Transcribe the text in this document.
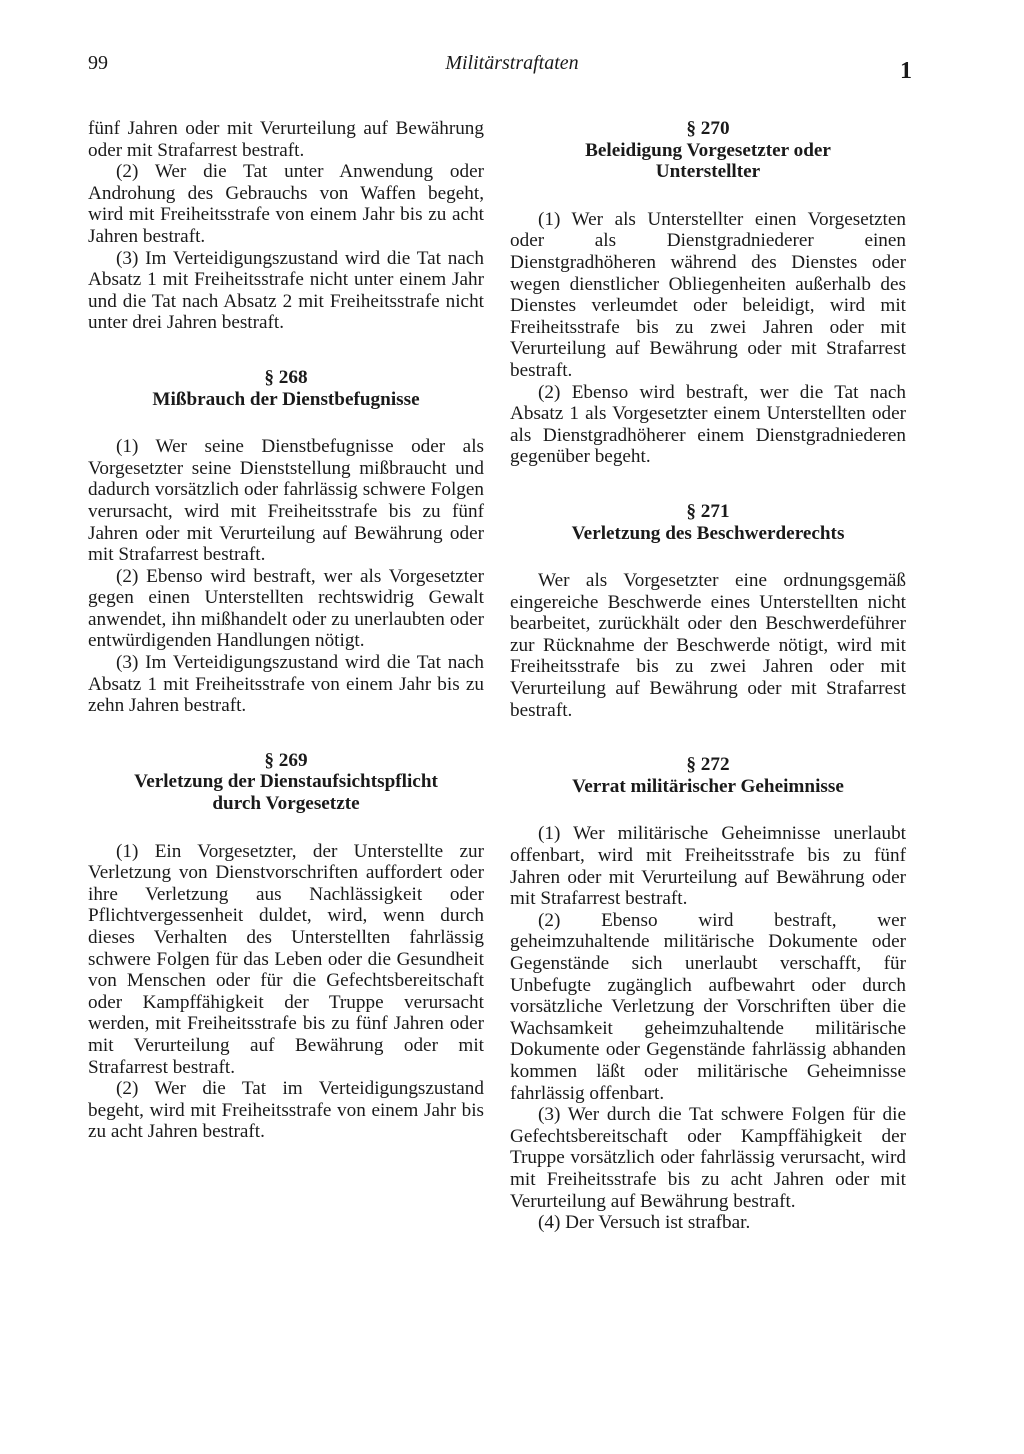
99	Militärstraftaten	1

fünf Jahren oder mit Verurteilung auf Bewährung oder mit Strafarrest bestraft.

(2) Wer die Tat unter Anwendung oder Androhung des Gebrauchs von Waffen begeht, wird mit Freiheitsstrafe von einem Jahr bis zu acht Jahren bestraft.

(3) Im Verteidigungszustand wird die Tat nach Absatz 1 mit Freiheitsstrafe nicht unter einem Jahr und die Tat nach Absatz 2 mit Freiheitsstrafe nicht unter drei Jahren bestraft.

§ 268
Mißbrauch der Dienstbefugnisse

(1) Wer seine Dienstbefugnisse oder als Vorgesetzter seine Dienststellung mißbraucht und dadurch vorsätzlich oder fahrlässig schwere Folgen verursacht, wird mit Freiheitsstrafe bis zu fünf Jahren oder mit Verurteilung auf Bewährung oder mit Strafarrest bestraft.

(2) Ebenso wird bestraft, wer als Vorgesetzter gegen einen Unterstellten rechtswidrig Gewalt anwendet, ihn mißhandelt oder zu unerlaubten oder entwürdigenden Handlungen nötigt.

(3) Im Verteidigungszustand wird die Tat nach Absatz 1 mit Freiheitsstrafe von einem Jahr bis zu zehn Jahren bestraft.

§ 269
Verletzung der Dienstaufsichtspflicht
durch Vorgesetzte

(1) Ein Vorgesetzter, der Unterstellte zur Verletzung von Dienstvorschriften auffordert oder ihre Verletzung aus Nachlässigkeit oder Pflichtvergessenheit duldet, wird, wenn durch dieses Verhalten des Unterstellten fahrlässig schwere Folgen für das Leben oder die Gesundheit von Menschen oder für die Gefechtsbereitschaft oder Kampffähigkeit der Truppe verursacht werden, mit Freiheitsstrafe bis zu fünf Jahren oder mit Verurteilung auf Bewährung oder mit Strafarrest bestraft.

(2) Wer die Tat im Verteidigungszustand begeht, wird mit Freiheitsstrafe von einem Jahr bis zu acht Jahren bestraft.

§ 270
Beleidigung Vorgesetzter oder
Unterstellter

(1) Wer als Unterstellter einen Vorgesetzten oder als Dienstgradniederer einen Dienstgradhöheren während des Dienstes oder wegen dienstlicher Obliegenheiten außerhalb des Dienstes verleumdet oder beleidigt, wird mit Freiheitsstrafe bis zu zwei Jahren oder mit Verurteilung auf Bewährung oder mit Strafarrest bestraft.

(2) Ebenso wird bestraft, wer die Tat nach Absatz 1 als Vorgesetzter einem Unterstellten oder als Dienstgradhöherer einem Dienstgradniederen gegenüber begeht.

§ 271
Verletzung des Beschwerderechts

Wer als Vorgesetzter eine ordnungsgemäß eingereiche Beschwerde eines Unterstellten nicht bearbeitet, zurückhält oder den Beschwerdeführer zur Rücknahme der Beschwerde nötigt, wird mit Freiheitsstrafe bis zu zwei Jahren oder mit Verurteilung auf Bewährung oder mit Strafarrest bestraft.

§ 272
Verrat militärischer Geheimnisse

(1) Wer militärische Geheimnisse unerlaubt offenbart, wird mit Freiheitsstrafe bis zu fünf Jahren oder mit Verurteilung auf Bewährung oder mit Strafarrest bestraft.

(2) Ebenso wird bestraft, wer geheimzuhaltende militärische Dokumente oder Gegenstände sich unerlaubt verschafft, für Unbefugte zugänglich aufbewahrt oder durch vorsätzliche Verletzung der Vorschriften über die Wachsamkeit geheimzuhaltende militärische Dokumente oder Gegenstände fahrlässig abhanden kommen läßt oder militärische Geheimnisse fahrlässig offenbart.

(3) Wer durch die Tat schwere Folgen für die Gefechtsbereitschaft oder Kampffähigkeit der Truppe vorsätzlich oder fahrlässig verursacht, wird mit Freiheitsstrafe bis zu acht Jahren oder mit Verurteilung auf Bewährung bestraft.

(4) Der Versuch ist strafbar.
